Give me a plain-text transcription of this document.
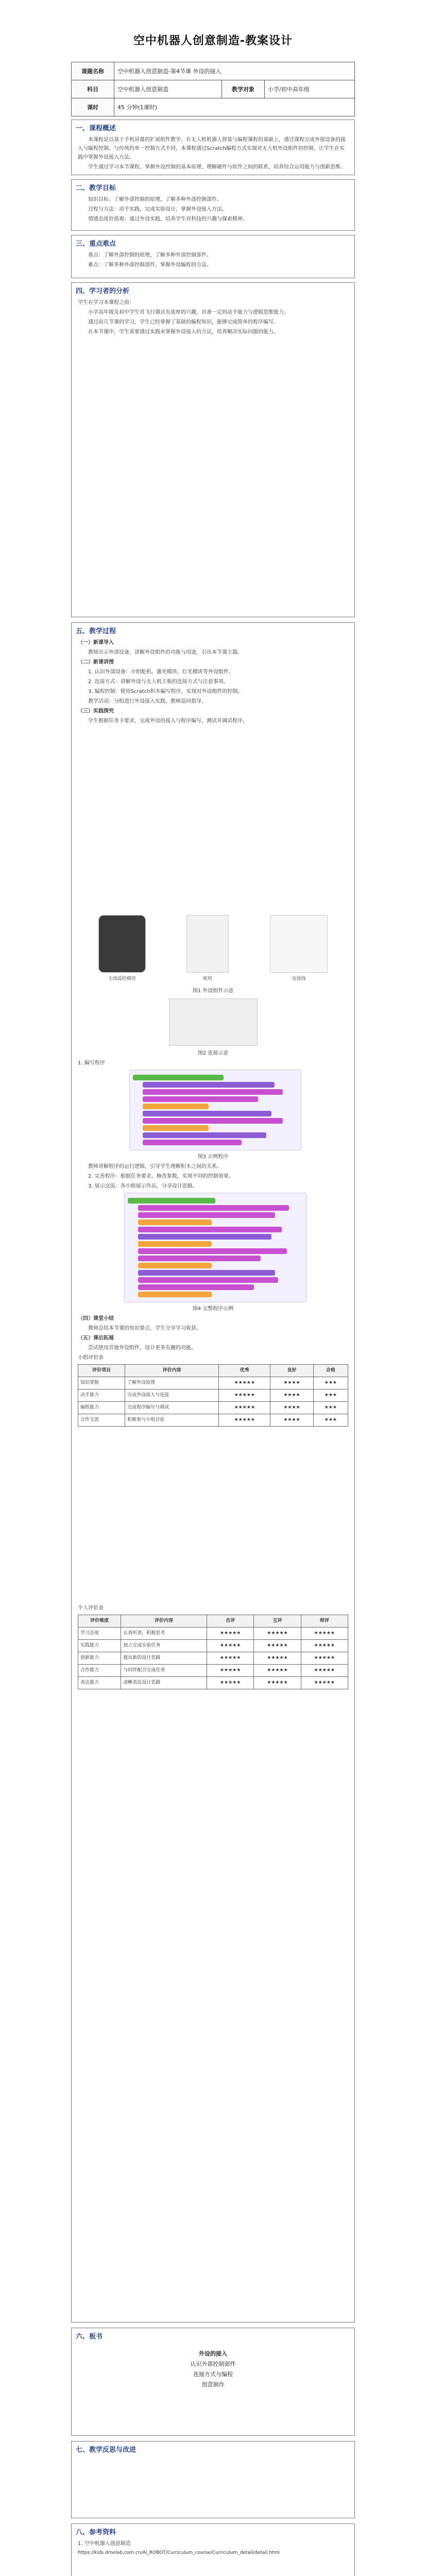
空中机器人创意制造-教案设计
课题名称	空中机器人创意制造-第4节课 外设的接入		
科目	空中机器人创意制造	教学对象	小学/初中高年级
课时	45 分钟(1课时)		
一、课程概述

本课程是以基于手机屏幕的扩展组件教学，在无人机机器人拼装与编程课程的基础上，通过课程完成外接设备的接入与编程控制。与传统的单一控制方式不同，本课程通过Scratch编程方式实现对无人机外设组件的控制，让学生在实践中掌握外设接入方法。

学生通过学习本节课程，掌握外设控制的基本原理，理解硬件与软件之间的联系，培养综合运用能力与创新思维。

二、教学目标

知识目标：了解外部控制的原理，了解多种外部控制部件。

过程与方法：动手实践，完成实验设计，掌握外设接入方法。

情感态度价值观：通过外设实践，培养学生对科技的兴趣与探索精神。

三、重点难点

重点：了解外部控制的原理，了解多种外部控制部件。

难点：了解多种外部控制部件，掌握外设编程的方法。

四、学习者的分析

学生在学习本课程之前：

小学高年级及初中学生对飞行器具有浓厚的兴趣，具备一定的动手能力与逻辑思维能力。

通过前几节课的学习，学生已经掌握了基础的编程知识，能够完成简单的程序编写。

在本节课中，学生需要通过实践来掌握外设接入的方法，培养解决实际问题的能力。

五、教学过程

（一）新课导入

教师出示外部设备，讲解外设组件的功能与用途，引出本节课主题。

（二）新课讲授

1. 认识外部设备：介绍舵机、激光模块、灯光模块等外设组件。

2. 连接方式：讲解外设与无人机主板的连接方式与注意事项。

3. 编程控制：使用Scratch积木编写程序，实现对外设组件的控制。

教学活动：分组进行外设接入实践，教师巡回指导。

（三）实践探究

学生根据任务卡要求，完成外设的接入与程序编写，测试并调试程序。

无线遥控模块	舵机	连接线

图1 外设组件示意

图2 连接示意

1. 编写程序

图3 示例程序

教师讲解程序的运行逻辑，引导学生理解积木之间的关系。

2. 完善程序：根据任务要求，修改参数，实现不同的控制效果。

3. 展示交流：各小组展示作品，分享设计思路。

图4 完整程序示例

（四）课堂小结

教师总结本节课的知识要点，学生分享学习收获。

（五）课后拓展

尝试使用其他外设组件，设计更多有趣的功能。

小组评价表

评价项目	评价内容	优秀	良好	合格
知识掌握	了解外设原理	★★★★★	★★★★	★★★
动手能力	完成外设接入与连接	★★★★★	★★★★	★★★
编程能力	完成程序编写与调试	★★★★★	★★★★	★★★
合作交流	积极参与小组讨论	★★★★★	★★★★	★★★

个人评价表

评价维度	评价内容	自评	互评	师评
学习态度	认真听讲，积极思考	★★★★★	★★★★★	★★★★★
实践能力	独立完成实验任务	★★★★★	★★★★★	★★★★★
创新能力	提出新的设计思路	★★★★★	★★★★★	★★★★★
合作能力	与同伴配合完成任务	★★★★★	★★★★★	★★★★★
表达能力	清晰表达设计思路	★★★★★	★★★★★	★★★★★
六、板书
外设的接入
认识外部控制部件
连接方式与编程
创意制作
七、教学反思与改进
八、参考资料

1. 空中机器人创意制造

https://kids.dmelab.com.cn/AI_ROBOT/Curriculum_course/Curriculum_detail/detail.html
